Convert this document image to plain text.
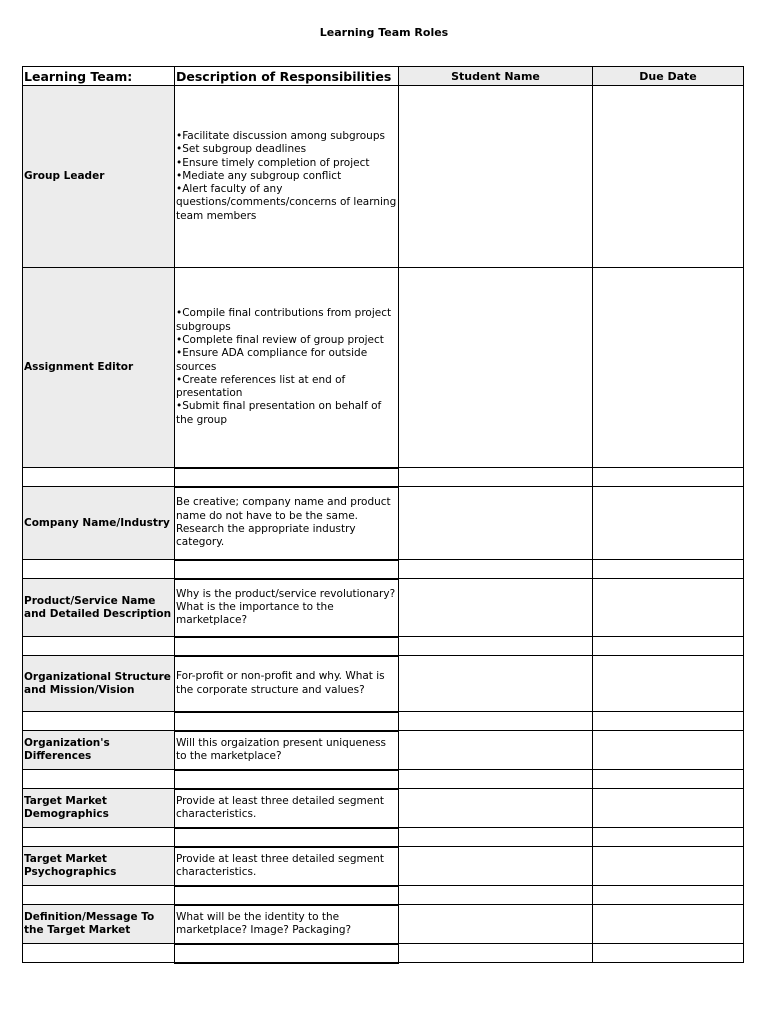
Learning Team Roles
Learning Team:	Description of Responsibilities	Student Name	Due Date
Group Leader	•Facilitate discussion among subgroups
•Set subgroup deadlines
•Ensure timely completion of project
•Mediate any subgroup conflict
•Alert faculty of any questions/comments/concerns of learning team members		

Assignment Editor	•Compile final contributions from project subgroups
•Complete final review of group project
•Ensure ADA compliance for outside sources
•Create references list at end of presentation
•Submit final presentation on behalf of the group		

Company Name/Industry	Be creative; company name and product name do not have to be the same. Research the appropriate industry category.		

Product/Service Name and Detailed Description	Why is the product/service revolutionary? What is the importance to the marketplace?		

Organizational Structure and Mission/Vision	For-profit or non-profit and why. What is the corporate structure and values?		

Organization's Differences	Will this orgaization present uniqueness to the marketplace?		

Target Market Demographics	Provide at least three detailed segment characteristics.		

Target Market Psychographics	Provide at least three detailed segment characteristics.		

Definition/Message To the Target Market	What will be the identity to the marketplace? Image? Packaging?		
